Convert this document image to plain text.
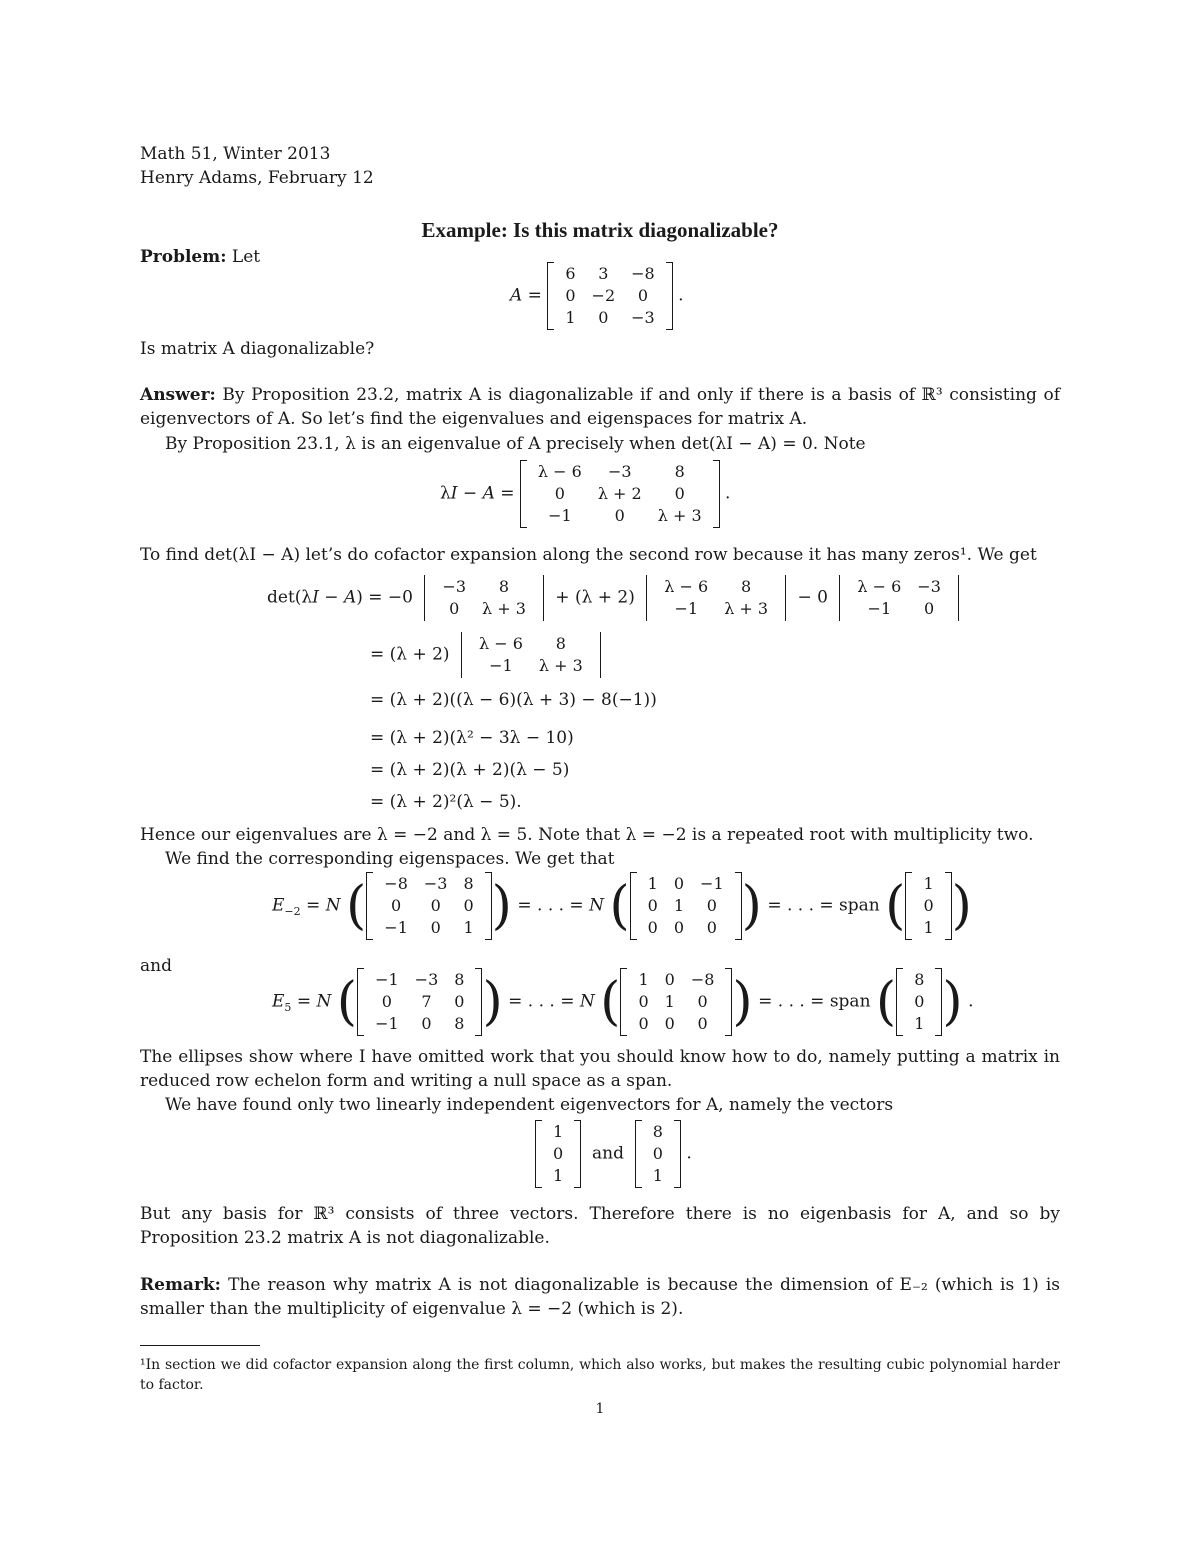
Math 51, Winter 2013
Henry Adams, February 12
Example: Is this matrix diagonalizable?
Problem: Let
A =
6	3	−8
0	−2	0
1	0	−3
.
Is matrix A diagonalizable?
Answer: By Proposition 23.2, matrix A is diagonalizable if and only if there is a basis of ℝ³ consisting of eigenvectors of A. So let’s find the eigenvalues and eigenspaces for matrix A.
By Proposition 23.1, λ is an eigenvalue of A precisely when det(λI − A) = 0. Note
λI − A =
λ − 6	−3	8
0	λ + 2	0
−1	0	λ + 3
.
To find det(λI − A) let’s do cofactor expansion along the second row because it has many zeros¹. We get
det(λI − A) = −0
−3	8
0	λ + 3
+ (λ + 2)
λ − 6	8
−1	λ + 3
− 0
λ − 6	−3
−1	0
= (λ + 2)
λ − 6	8
−1	λ + 3
= (λ + 2)((λ − 6)(λ + 3) − 8(−1))
= (λ + 2)(λ² − 3λ − 10)
= (λ + 2)(λ + 2)(λ − 5)
= (λ + 2)²(λ − 5).
Hence our eigenvalues are λ = −2 and λ = 5. Note that λ = −2 is a repeated root with multiplicity two.
We find the corresponding eigenspaces. We get that
$E_{-2} = N$ ( −8	−3	8
0	0	0
−1	0	1 ) = . . . = N ( 1	0	−1
0	1	0
0	0	0 ) = . . . = span ( 1
0
1 )
and
$E_5 = N$ ( −1	−3	8
0	7	0
−1	0	8 ) = . . . = N ( 1	0	−8
0	1	0
0	0	0 ) = . . . = span ( 8
0
1 ) .
The ellipses show where I have omitted work that you should know how to do, namely putting a matrix in reduced row echelon form and writing a null space as a span.
We have found only two linearly independent eigenvectors for A, namely the vectors
1
0
1
and
8
0
1
.
But any basis for ℝ³ consists of three vectors. Therefore there is no eigenbasis for A, and so by Proposition 23.2 matrix A is not diagonalizable.
Remark: The reason why matrix A is not diagonalizable is because the dimension of E₋₂ (which is 1) is smaller than the multiplicity of eigenvalue λ = −2 (which is 2).
¹In section we did cofactor expansion along the first column, which also works, but makes the resulting cubic polynomial harder to factor.
1
